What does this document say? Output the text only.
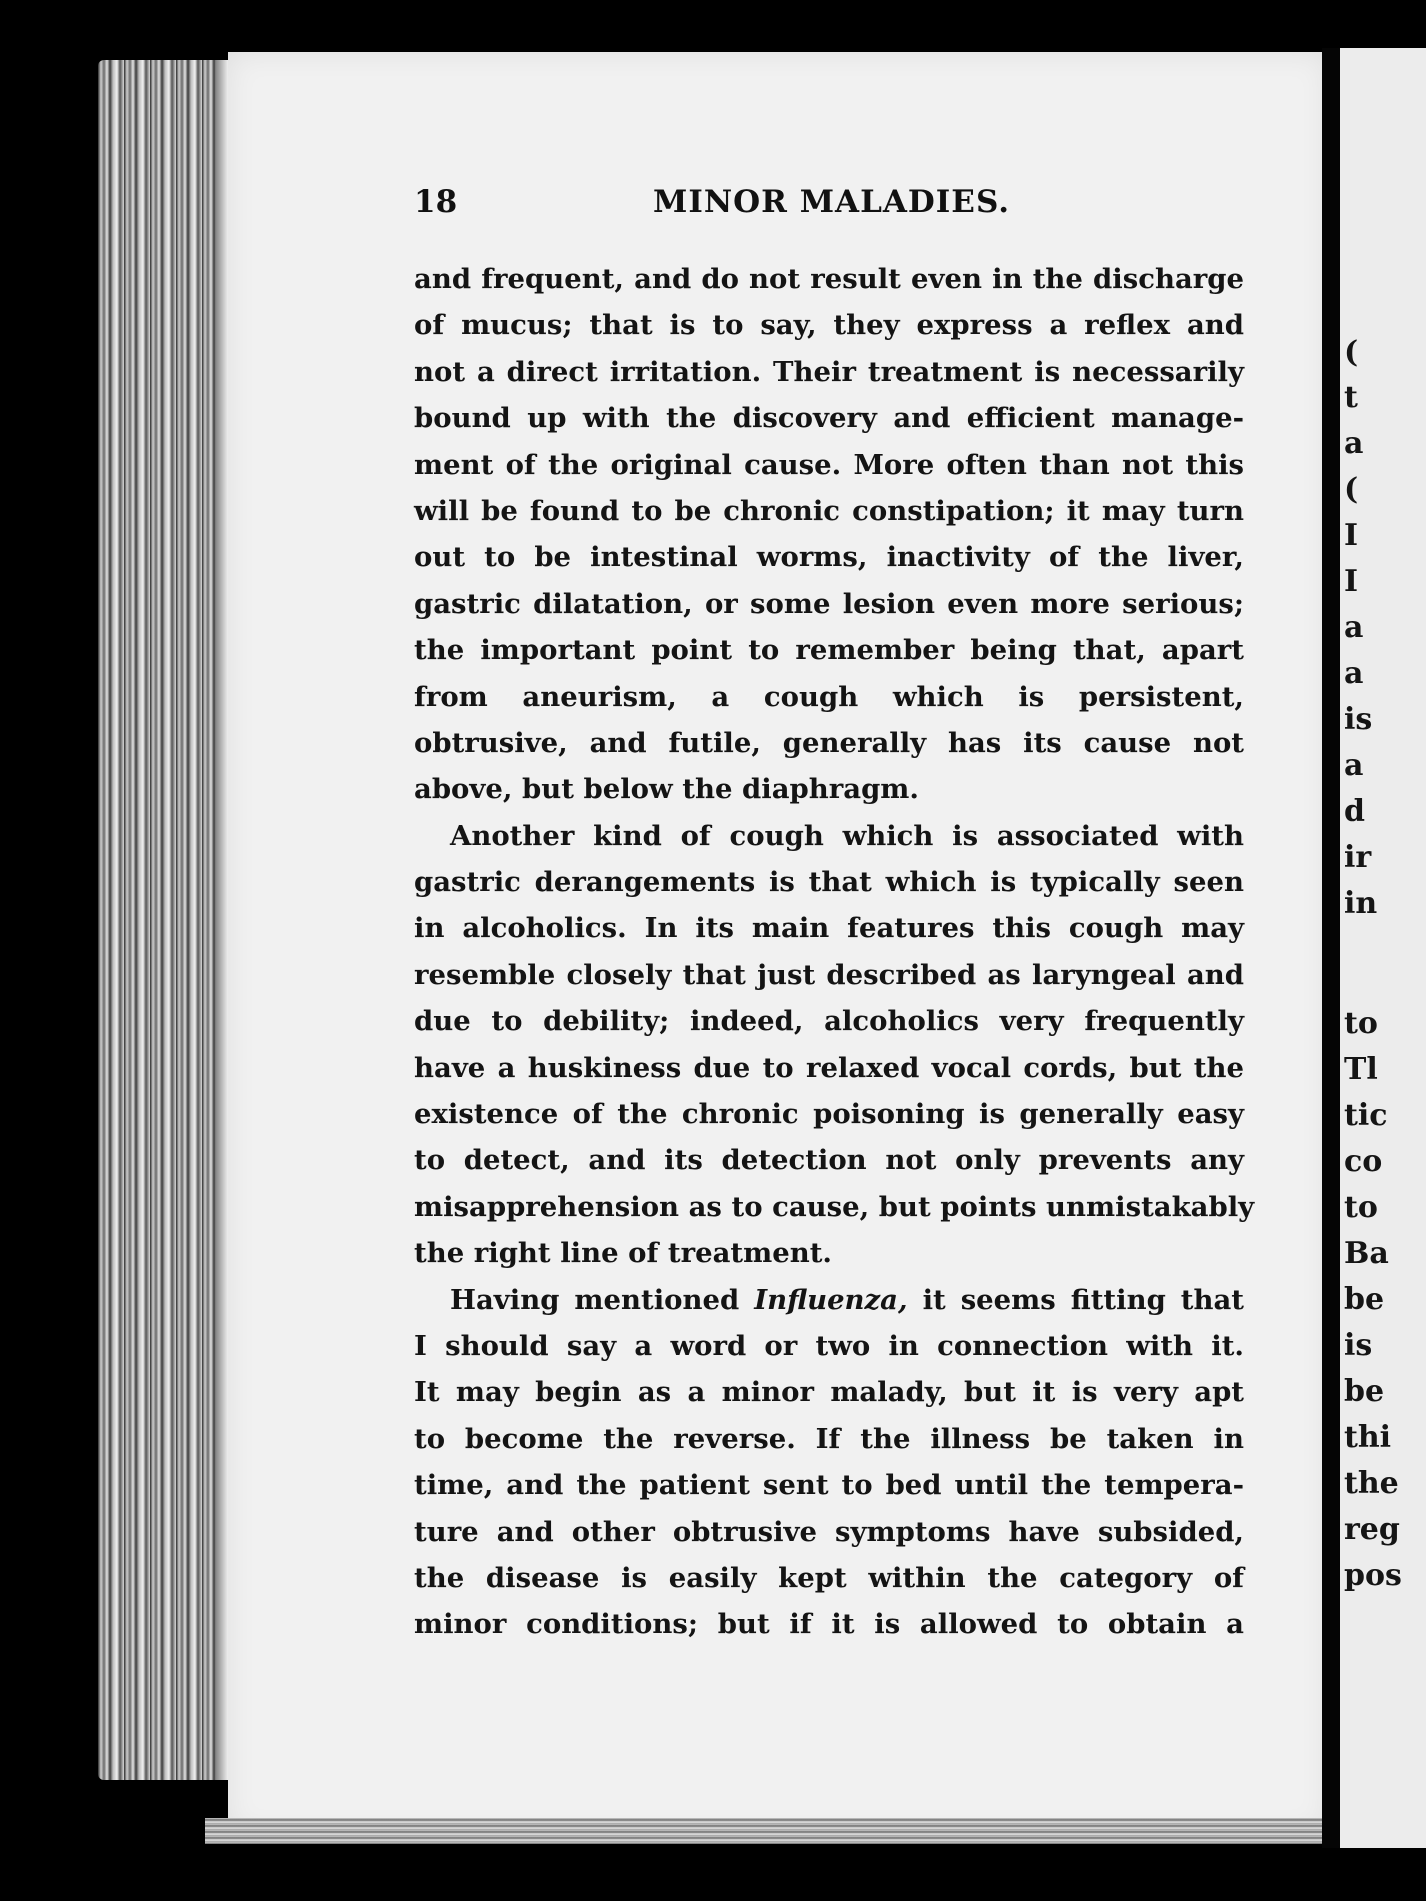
(
t
a
(
I
I
a
a
is
a
d
ir
in
to
Tl
tic
co
to
Ba
be
is
be
thi
the
reg
pos
18	MINOR MALADIES.
and frequent, and do not result even in the discharge
of mucus; that is to say, they express a reflex and
not a direct irritation. Their treatment is necessarily
bound up with the discovery and efficient manage-
ment of the original cause. More often than not this
will be found to be chronic constipation; it may turn
out to be intestinal worms, inactivity of the liver,
gastric dilatation, or some lesion even more serious;
the important point to remember being that, apart
from aneurism, a cough which is persistent,
obtrusive, and futile, generally has its cause not
above, but below the diaphragm.
Another kind of cough which is associated with
gastric derangements is that which is typically seen
in alcoholics. In its main features this cough may
resemble closely that just described as laryngeal and
due to debility; indeed, alcoholics very frequently
have a huskiness due to relaxed vocal cords, but the
existence of the chronic poisoning is generally easy
to detect, and its detection not only prevents any
misapprehension as to cause, but points unmistakably
the right line of treatment.
Having mentioned Influenza, it seems fitting that
I should say a word or two in connection with it.
It may begin as a minor malady, but it is very apt
to become the reverse. If the illness be taken in
time, and the patient sent to bed until the tempera-
ture and other obtrusive symptoms have subsided,
the disease is easily kept within the category of
minor conditions; but if it is allowed to obtain a
